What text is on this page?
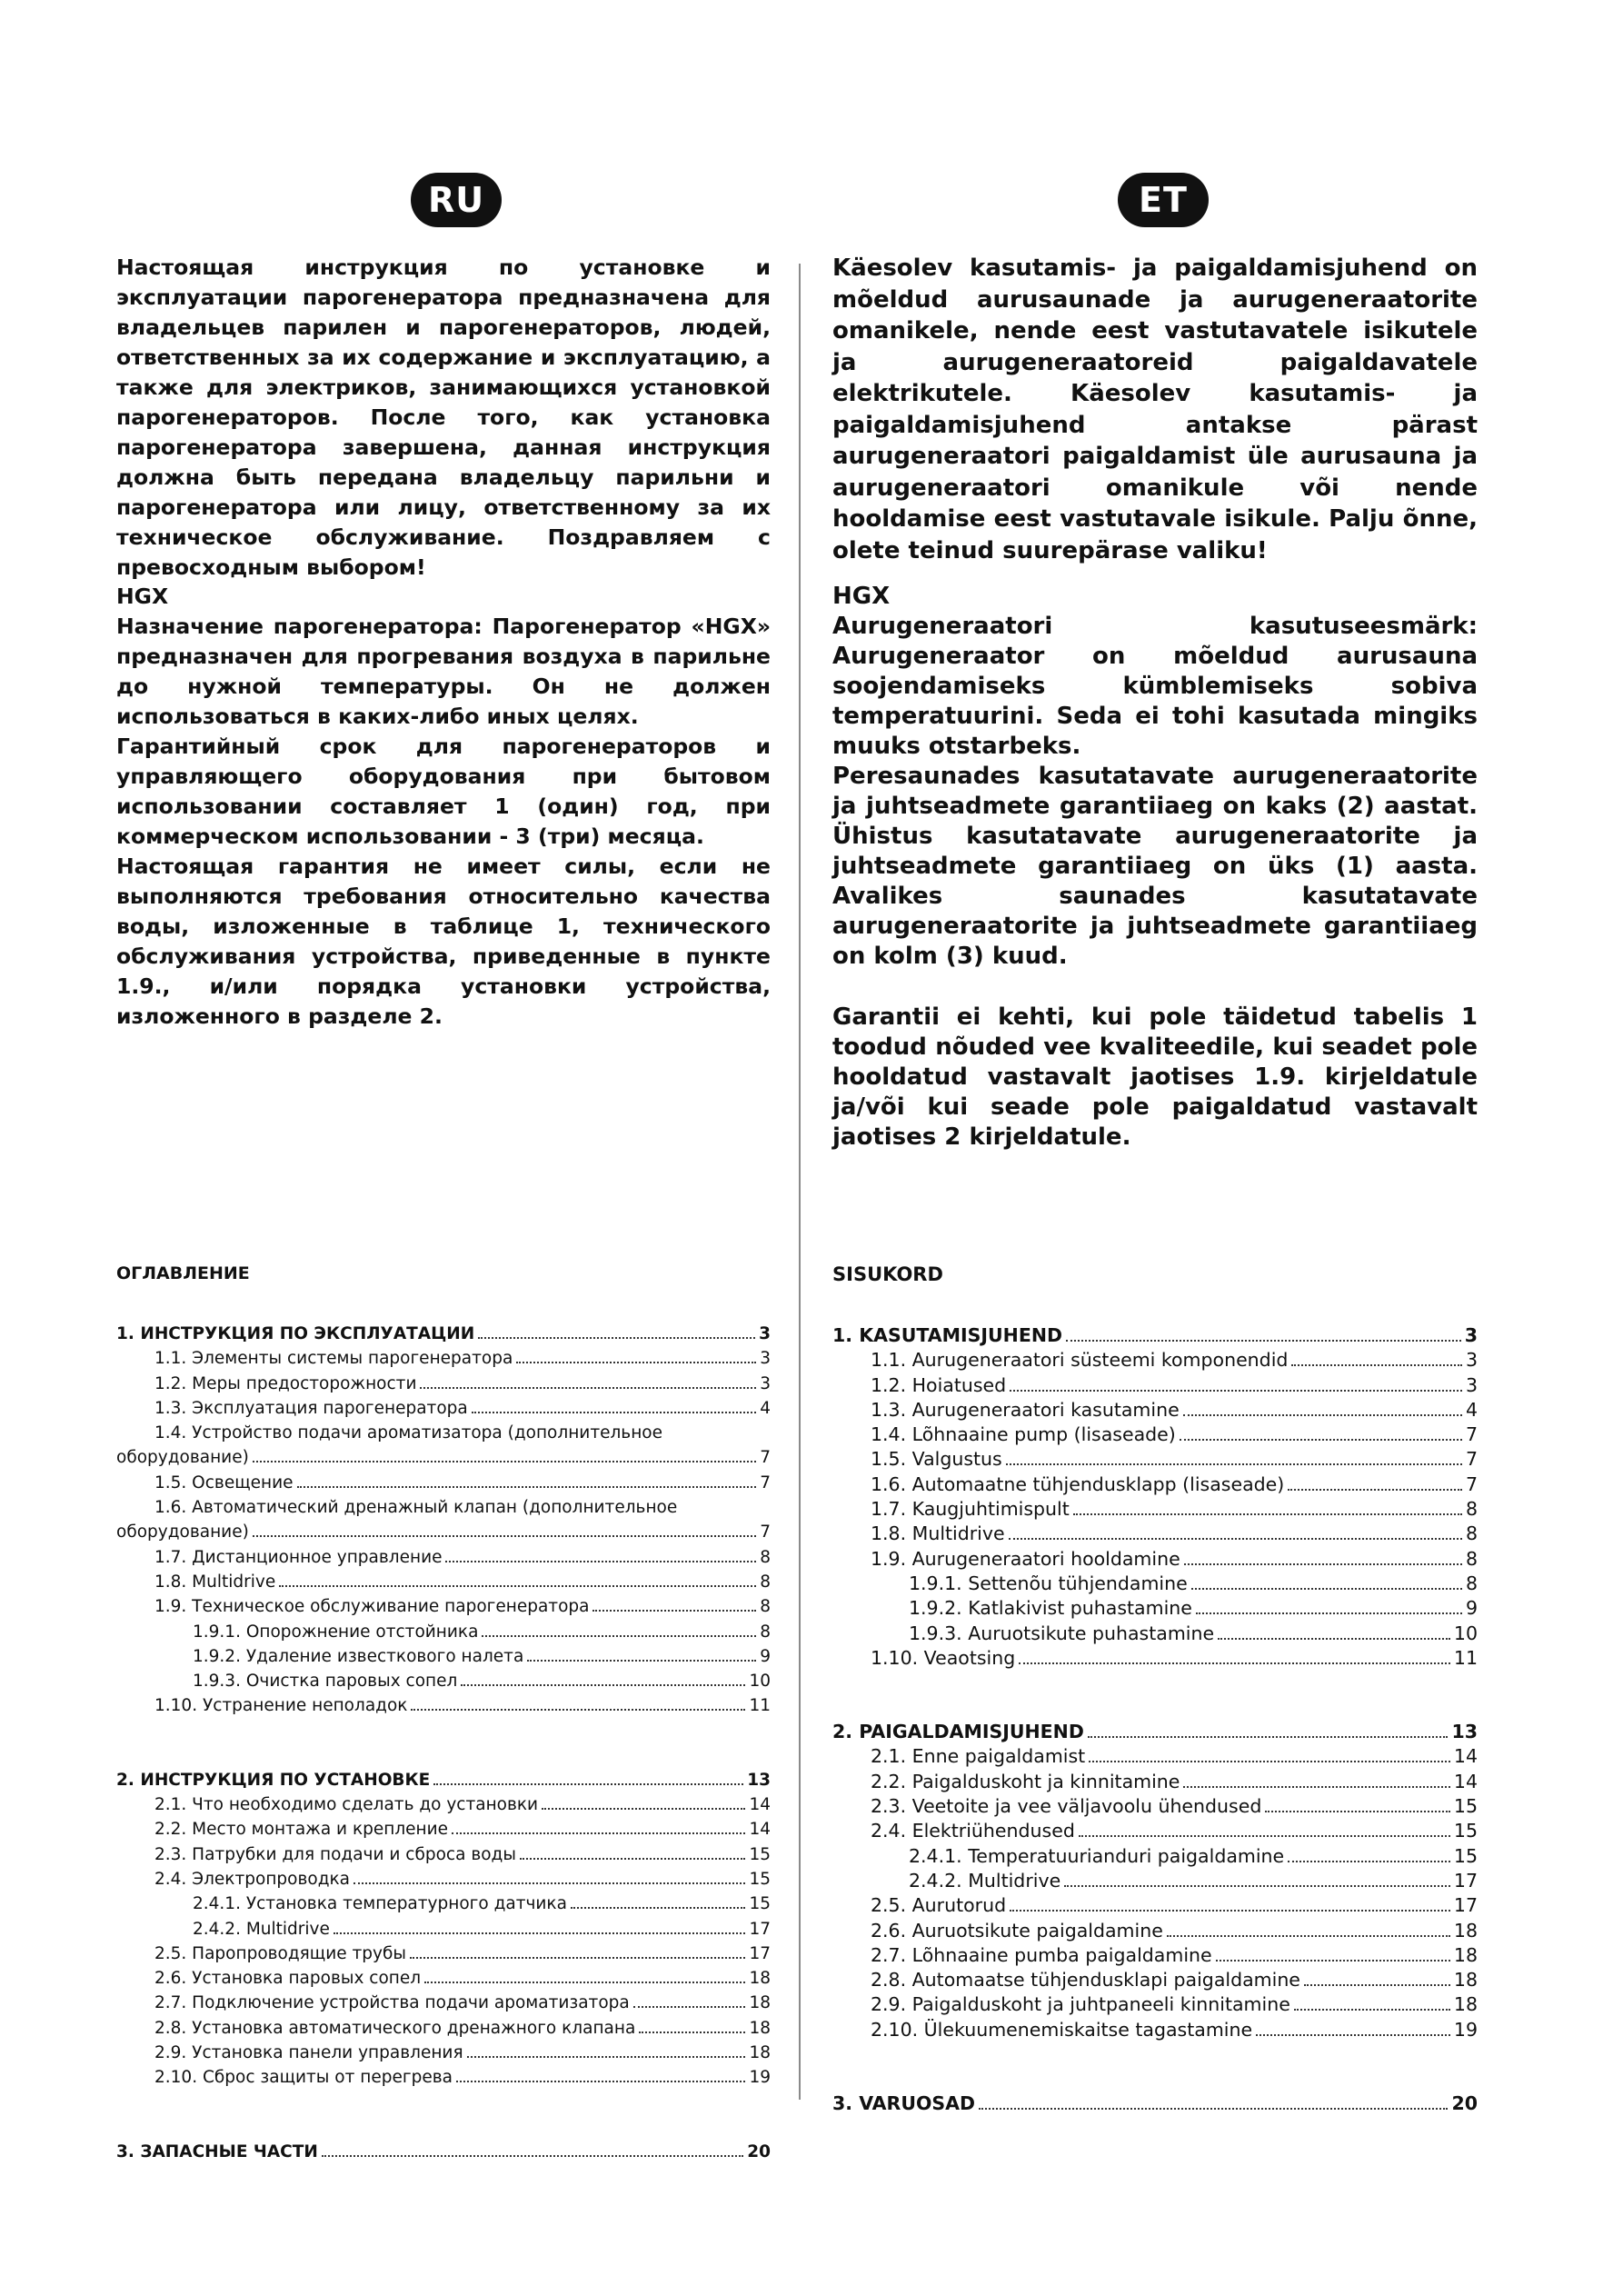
RU

Настоящая инструкция по установке и эксплуатации парогенератора предназначена для владельцев парилен и парогенераторов, людей, ответственных за их содержание и эксплуатацию, а также для электриков, занимающихся установкой парогенераторов. После того, как установка парогенератора завершена, данная инструкция должна быть передана владельцу парильни и парогенератора или лицу, ответственному за их техническое обслуживание. Поздравляем с превосходным выбором!

HGX

Назначение парогенератора: Парогенератор «HGX» предназначен для прогревания воздуха в парильне до нужной температуры. Он не должен использоваться в каких-либо иных целях.

Гарантийный срок для парогенераторов и управляющего оборудования при бытовом использовании составляет 1 (один) год, при коммерческом использовании - 3 (три) месяца.

Настоящая гарантия не имеет силы, если не выполняются требования относительно качества воды, изложенные в таблице 1, технического обслуживания устройства, приведенные в пункте 1.9., и/или порядка установки устройства, изложенного в разделе 2.

ОГЛАВЛЕНИЕ

1. ИНСТРУКЦИЯ ПО ЭКСПЛУАТАЦИИ	3
1.1. Элементы системы парогенератора	3
1.2. Меры предосторожности	3
1.3. Эксплуатация парогенератора	4
1.4. Устройство подачи ароматизатора (дополнительное
оборудование)	7
1.5. Освещение	7
1.6. Автоматический дренажный клапан (дополнительное
оборудование)	7
1.7. Дистанционное управление	8
1.8. Multidrive	8
1.9. Техническое обслуживание парогенератора	8
1.9.1. Опорожнение отстойника	8
1.9.2. Удаление известкового налета	9
1.9.3. Очистка паровых сопел	10
1.10. Устранение неполадок	11
2. ИНСТРУКЦИЯ ПО УСТАНОВКЕ	13
2.1. Что необходимо сделать до установки	14
2.2. Место монтажа и крепление	14
2.3. Патрубки для подачи и сброса воды	15
2.4. Электропроводка	15
2.4.1. Установка температурного датчика	15
2.4.2. Multidrive	17
2.5. Паропроводящие трубы	17
2.6. Установка паровых сопел	18
2.7. Подключение устройства подачи ароматизатора	18
2.8. Установка автоматического дренажного клапана	18
2.9. Установка панели управления	18
2.10. Сброс защиты от перегрева	19
3. ЗАПАСНЫЕ ЧАСТИ	20
ET

Käesolev kasutamis- ja paigaldamisjuhend on mõeldud aurusaunade ja aurugeneraatorite omanikele, nende eest vastutavatele isikutele ja aurugeneraatoreid paigaldavatele elektrikutele. Käesolev kasutamis- ja paigaldamisjuhend antakse pärast aurugeneraatori paigaldamist üle aurusauna ja aurugeneraatori omanikule või nende hooldamise eest vastutavale isikule. Palju õnne, olete teinud suurepärase valiku!

HGX

Aurugeneraatori kasutuseesmärk: Aurugeneraator on mõeldud aurusauna soojendamiseks kümblemiseks sobiva temperatuurini. Seda ei tohi kasutada mingiks muuks otstarbeks.

Peresaunades kasutatavate aurugeneraatorite ja juhtseadmete garantiiaeg on kaks (2) aastat. Ühistus kasutatavate aurugeneraatorite ja juhtseadmete garantiiaeg on üks (1) aasta. Avalikes saunades kasutatavate aurugeneraatorite ja juhtseadmete garantiiaeg on kolm (3) kuud.

Garantii ei kehti, kui pole täidetud tabelis 1 toodud nõuded vee kvaliteedile, kui seadet pole hooldatud vastavalt jaotises 1.9. kirjeldatule ja/või kui seade pole paigaldatud vastavalt jaotises 2 kirjeldatule.

SISUKORD

1. KASUTAMISJUHEND	3
1.1. Aurugeneraatori süsteemi komponendid	3
1.2. Hoiatused	3
1.3. Aurugeneraatori kasutamine	4
1.4. Lõhnaaine pump (lisaseade)	7
1.5. Valgustus	7
1.6. Automaatne tühjendusklapp (lisaseade)	7
1.7. Kaugjuhtimispult	8
1.8. Multidrive	8
1.9. Aurugeneraatori hooldamine	8
1.9.1. Settenõu tühjendamine	8
1.9.2. Katlakivist puhastamine	9
1.9.3. Auruotsikute puhastamine	10
1.10. Veaotsing	11
2. PAIGALDAMISJUHEND	13
2.1. Enne paigaldamist	14
2.2. Paigalduskoht ja kinnitamine	14
2.3. Veetoite ja vee väljavoolu ühendused	15
2.4. Elektriühendused	15
2.4.1. Temperatuurianduri paigaldamine	15
2.4.2. Multidrive	17
2.5. Aurutorud	17
2.6. Auruotsikute paigaldamine	18
2.7. Lõhnaaine pumba paigaldamine	18
2.8. Automaatse tühjendusklapi paigaldamine	18
2.9. Paigalduskoht ja juhtpaneeli kinnitamine	18
2.10. Ülekuumenemiskaitse tagastamine	19
3. VARUOSAD	20
